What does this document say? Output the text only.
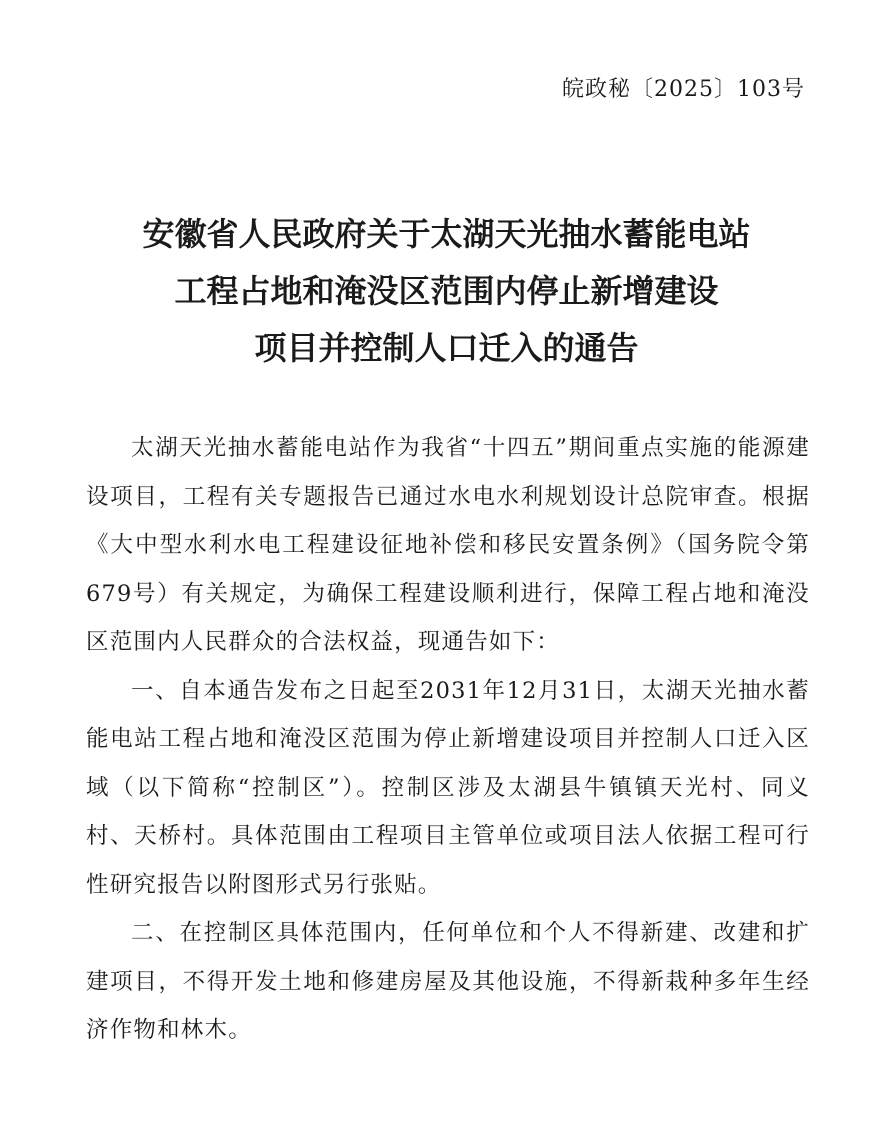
皖政秘〔2025〕103号
安徽省人民政府关于太湖天光抽水蓄能电站
工程占地和淹没区范围内停止新增建设
项目并控制人口迁入的通告

太湖天光抽水蓄能电站作为我省“十四五”期间重点实施的能源建设项目，工程有关专题报告已通过水电水利规划设计总院审查。根据《大中型水利水电工程建设征地补偿和移民安置条例》（国务院令第679号）有关规定，为确保工程建设顺利进行，保障工程占地和淹没区范围内人民群众的合法权益，现通告如下：

一、自本通告发布之日起至2031年12月31日，太湖天光抽水蓄能电站工程占地和淹没区范围为停止新增建设项目并控制人口迁入区域（以下简称“控制区”）。控制区涉及太湖县牛镇镇天光村、同义村、天桥村。具体范围由工程项目主管单位或项目法人依据工程可行性研究报告以附图形式另行张贴。

二、在控制区具体范围内，任何单位和个人不得新建、改建和扩建项目，不得开发土地和修建房屋及其他设施，不得新栽种多年生经济作物和林木。
